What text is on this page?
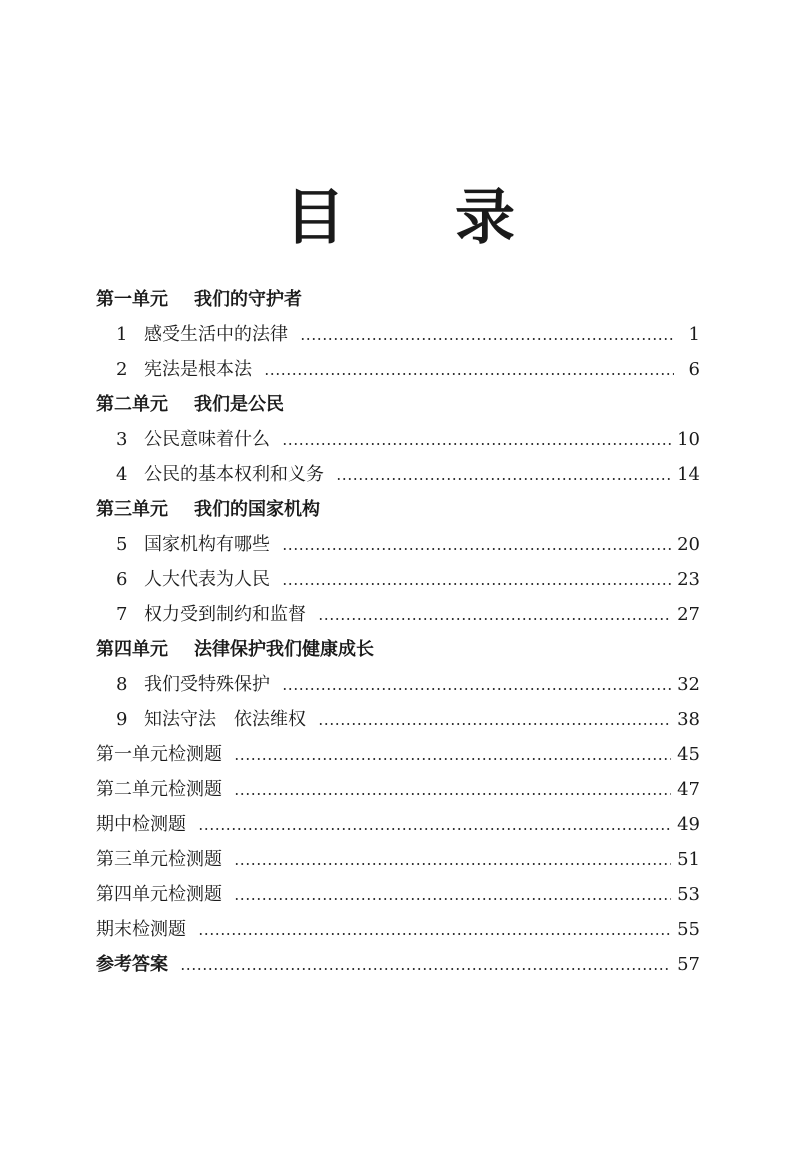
目 录
第一单元 我们的守护者
1 感受生活中的法律	1
2 宪法是根本法	6
第二单元 我们是公民
3 公民意味着什么	10
4 公民的基本权利和义务	14
第三单元 我们的国家机构
5 国家机构有哪些	20
6 人大代表为人民	23
7 权力受到制约和监督	27
第四单元 法律保护我们健康成长
8 我们受特殊保护	32
9 知法守法　依法维权	38
第一单元检测题	45
第二单元检测题	47
期中检测题	49
第三单元检测题	51
第四单元检测题	53
期末检测题	55
参考答案	57
